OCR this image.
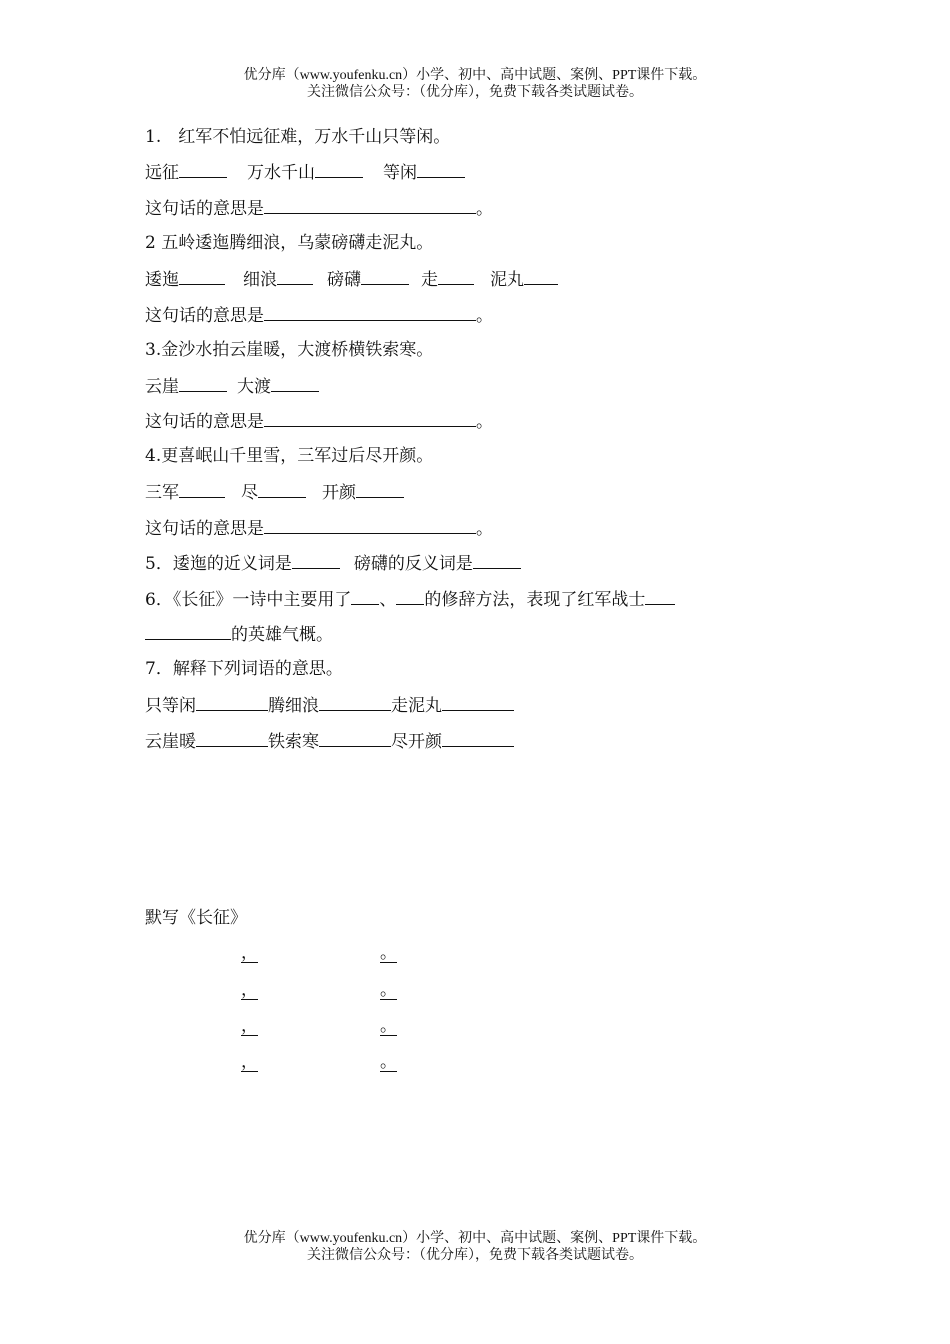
优分库（www.youfenku.cn）小学、初中、高中试题、案例、PPT课件下载。
关注微信公众号：（优分库），免费下载各类试题试卷。
1.　红军不怕远征难，万水千山只等闲。
远征	万水千山	等闲
这句话的意思是	。
2 五岭逶迤腾细浪，乌蒙磅礴走泥丸。
逶迤	细浪	磅礴	走	泥丸
这句话的意思是	。
3.金沙水拍云崖暖，大渡桥横铁索寒。
云崖	大渡
这句话的意思是	。
4.更喜岷山千里雪，三军过后尽开颜。
三军	尽	开颜
这句话的意思是	。
5．逶迤的近义词是	磅礴的反义词是
6．《长征》一诗中主要用了 、 的修辞方法，表现了红军战士
的英雄气概。
7．解释下列词语的意思。
只等闲	腾细浪	走泥丸
云崖暖	铁索寒	尽开颜
默写《长征》
，	。
，	。
，	。
，	。
优分库（www.youfenku.cn）小学、初中、高中试题、案例、PPT课件下载。
关注微信公众号：（优分库），免费下载各类试题试卷。
